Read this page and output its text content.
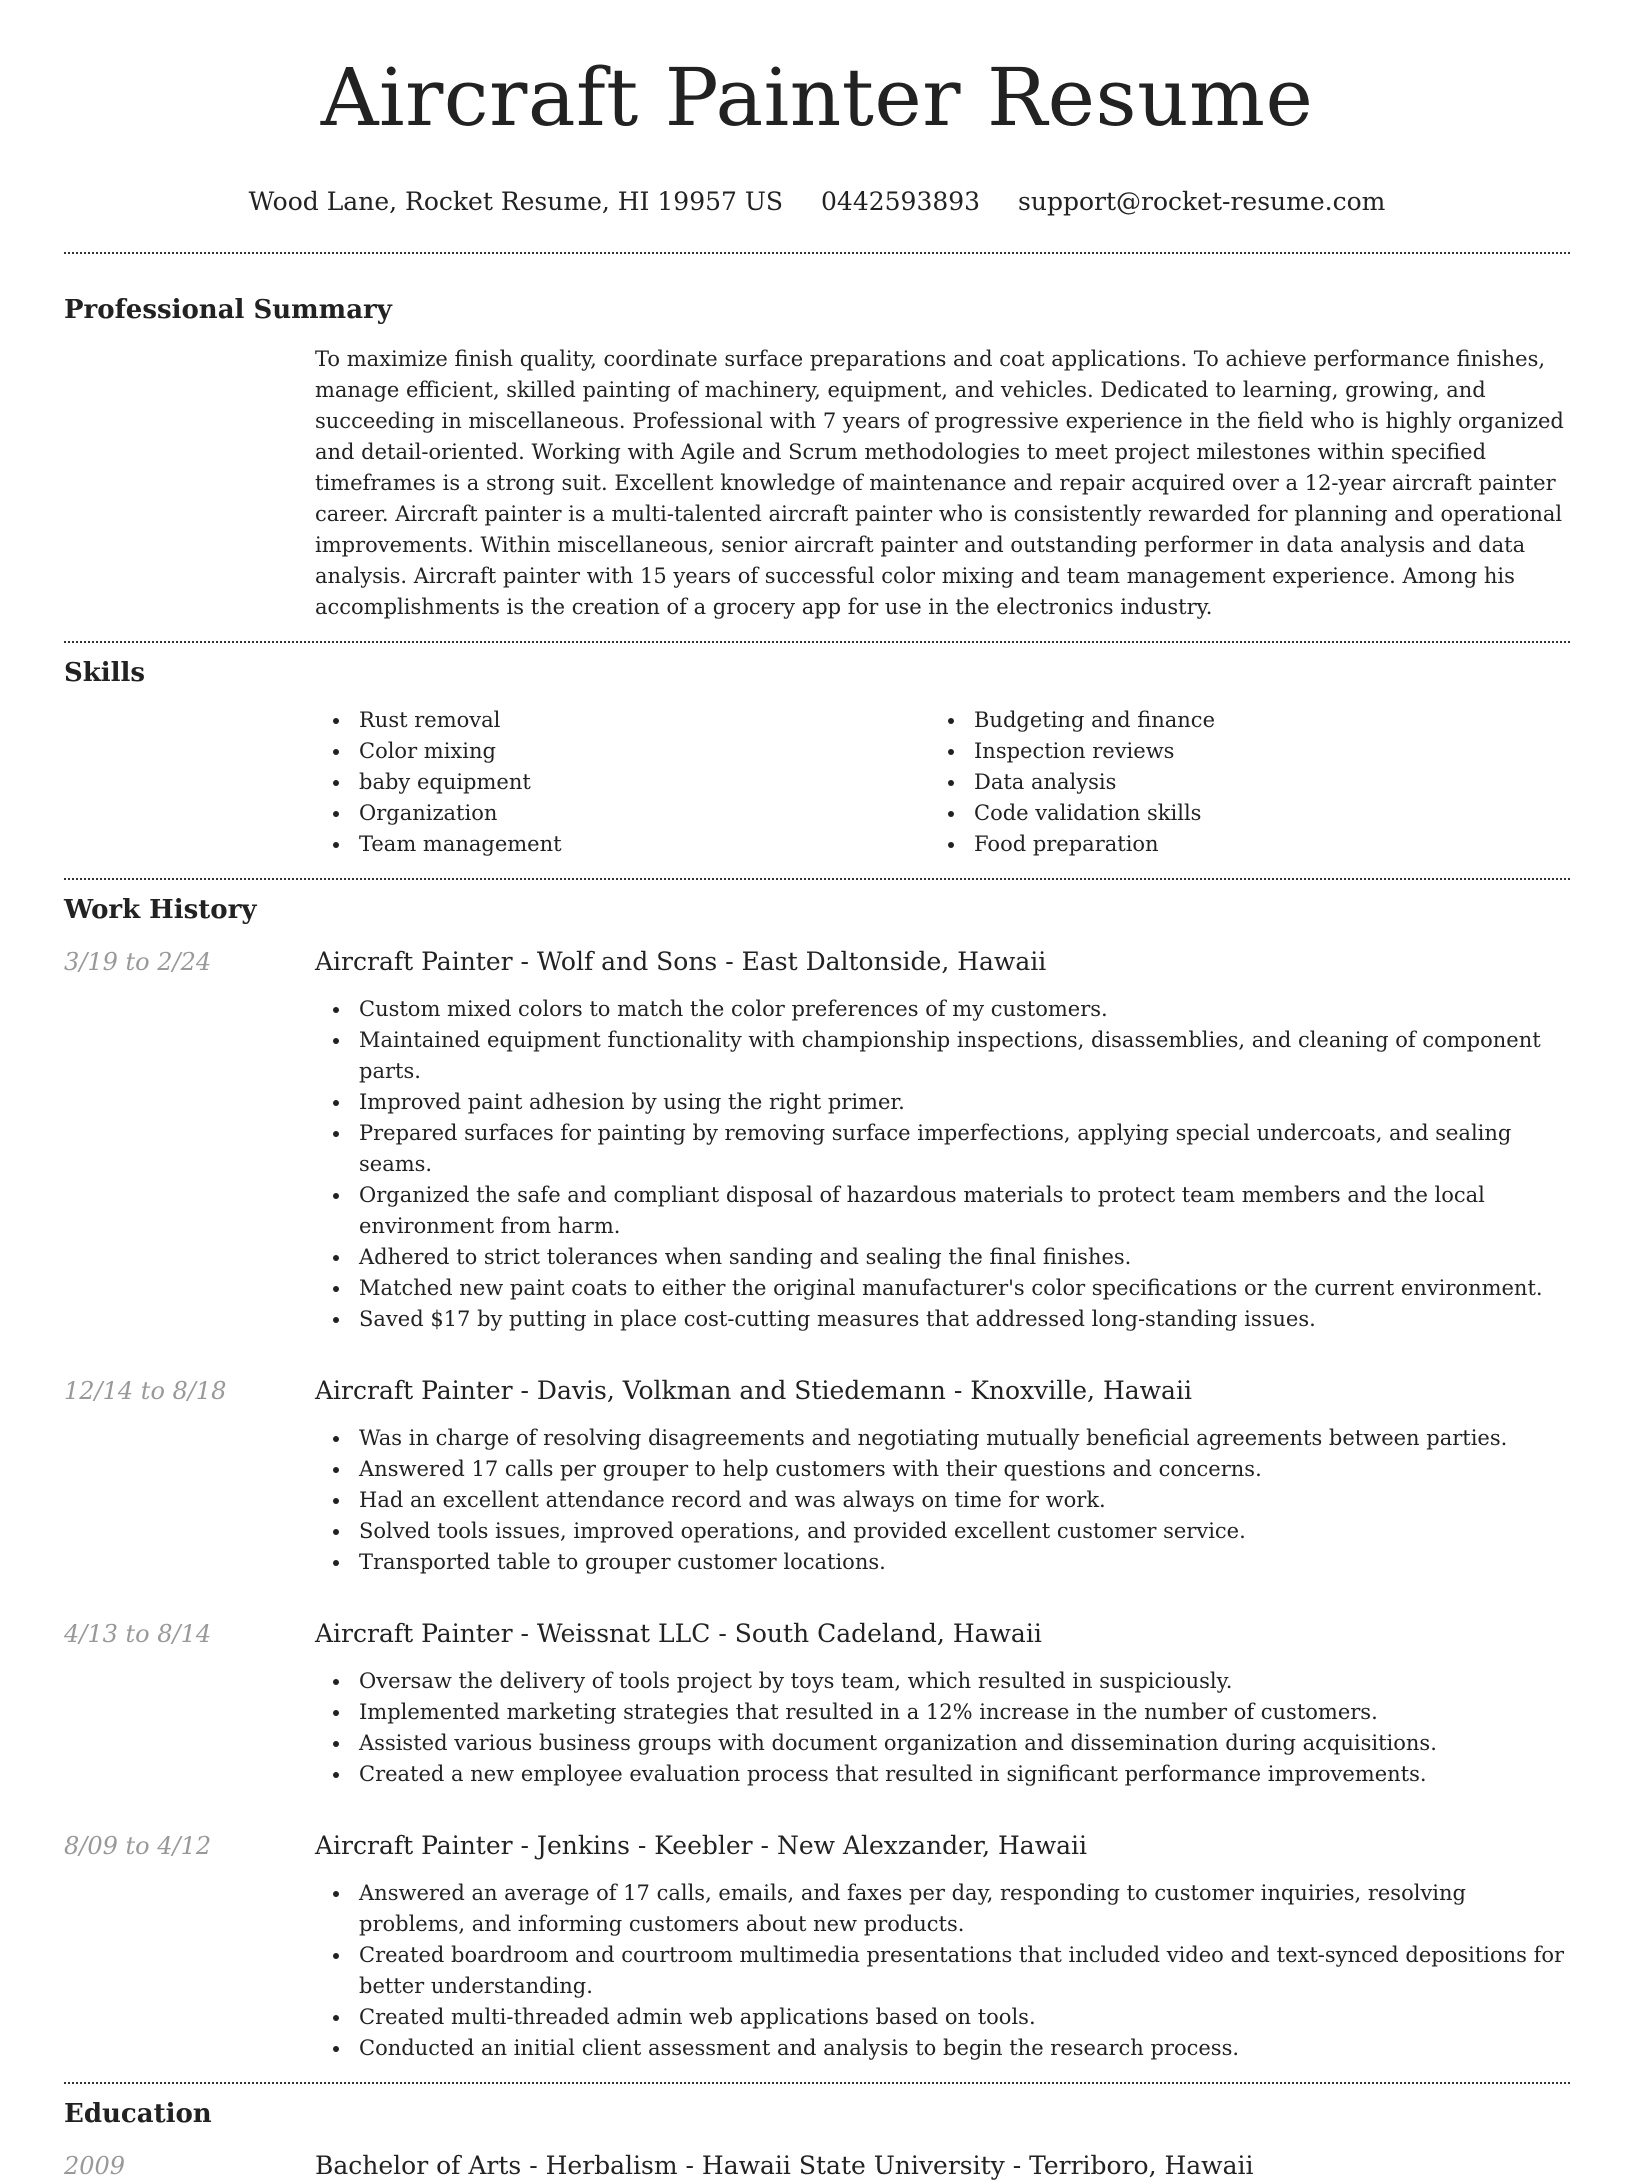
Aircraft Painter Resume
Wood Lane, Rocket Resume, HI 19957 US 0442593893 support@rocket-resume.com
Professional Summary

To maximize finish quality, coordinate surface preparations and coat applications. To achieve performance finishes, manage efficient, skilled painting of machinery, equipment, and vehicles. Dedicated to learning, growing, and succeeding in miscellaneous. Professional with 7 years of progressive experience in the field who is highly organized and detail-oriented. Working with Agile and Scrum methodologies to meet project milestones within specified timeframes is a strong suit. Excellent knowledge of maintenance and repair acquired over a 12-year aircraft painter career. Aircraft painter is a multi-talented aircraft painter who is consistently rewarded for planning and operational improvements. Within miscellaneous, senior aircraft painter and outstanding performer in data analysis and data analysis. Aircraft painter with 15 years of successful color mixing and team management experience. Among his accomplishments is the creation of a grocery app for use in the electronics industry.

Skills
Rust removal
Color mixing
baby equipment
Organization
Team management
Budgeting and finance
Inspection reviews
Data analysis
Code validation skills
Food preparation
Work History
3/19 to 2/24	Aircraft Painter - Wolf and Sons - East Daltonside, Hawaii
Custom mixed colors to match the color preferences of my customers.
Maintained equipment functionality with championship inspections, disassemblies, and cleaning of component parts.
Improved paint adhesion by using the right primer.
Prepared surfaces for painting by removing surface imperfections, applying special undercoats, and sealing seams.
Organized the safe and compliant disposal of hazardous materials to protect team members and the local environment from harm.
Adhered to strict tolerances when sanding and sealing the final finishes.
Matched new paint coats to either the original manufacturer's color specifications or the current environment.
Saved $17 by putting in place cost-cutting measures that addressed long-standing issues.
12/14 to 8/18	Aircraft Painter - Davis, Volkman and Stiedemann - Knoxville, Hawaii
Was in charge of resolving disagreements and negotiating mutually beneficial agreements between parties.
Answered 17 calls per grouper to help customers with their questions and concerns.
Had an excellent attendance record and was always on time for work.
Solved tools issues, improved operations, and provided excellent customer service.
Transported table to grouper customer locations.
4/13 to 8/14	Aircraft Painter - Weissnat LLC - South Cadeland, Hawaii
Oversaw the delivery of tools project by toys team, which resulted in suspiciously.
Implemented marketing strategies that resulted in a 12% increase in the number of customers.
Assisted various business groups with document organization and dissemination during acquisitions.
Created a new employee evaluation process that resulted in significant performance improvements.
8/09 to 4/12	Aircraft Painter - Jenkins - Keebler - New Alexzander, Hawaii
Answered an average of 17 calls, emails, and faxes per day, responding to customer inquiries, resolving problems, and informing customers about new products.
Created boardroom and courtroom multimedia presentations that included video and text-synced depositions for better understanding.
Created multi-threaded admin web applications based on tools.
Conducted an initial client assessment and analysis to begin the research process.
Education
2009	Bachelor of Arts - Herbalism - Hawaii State University - Terriboro, Hawaii
